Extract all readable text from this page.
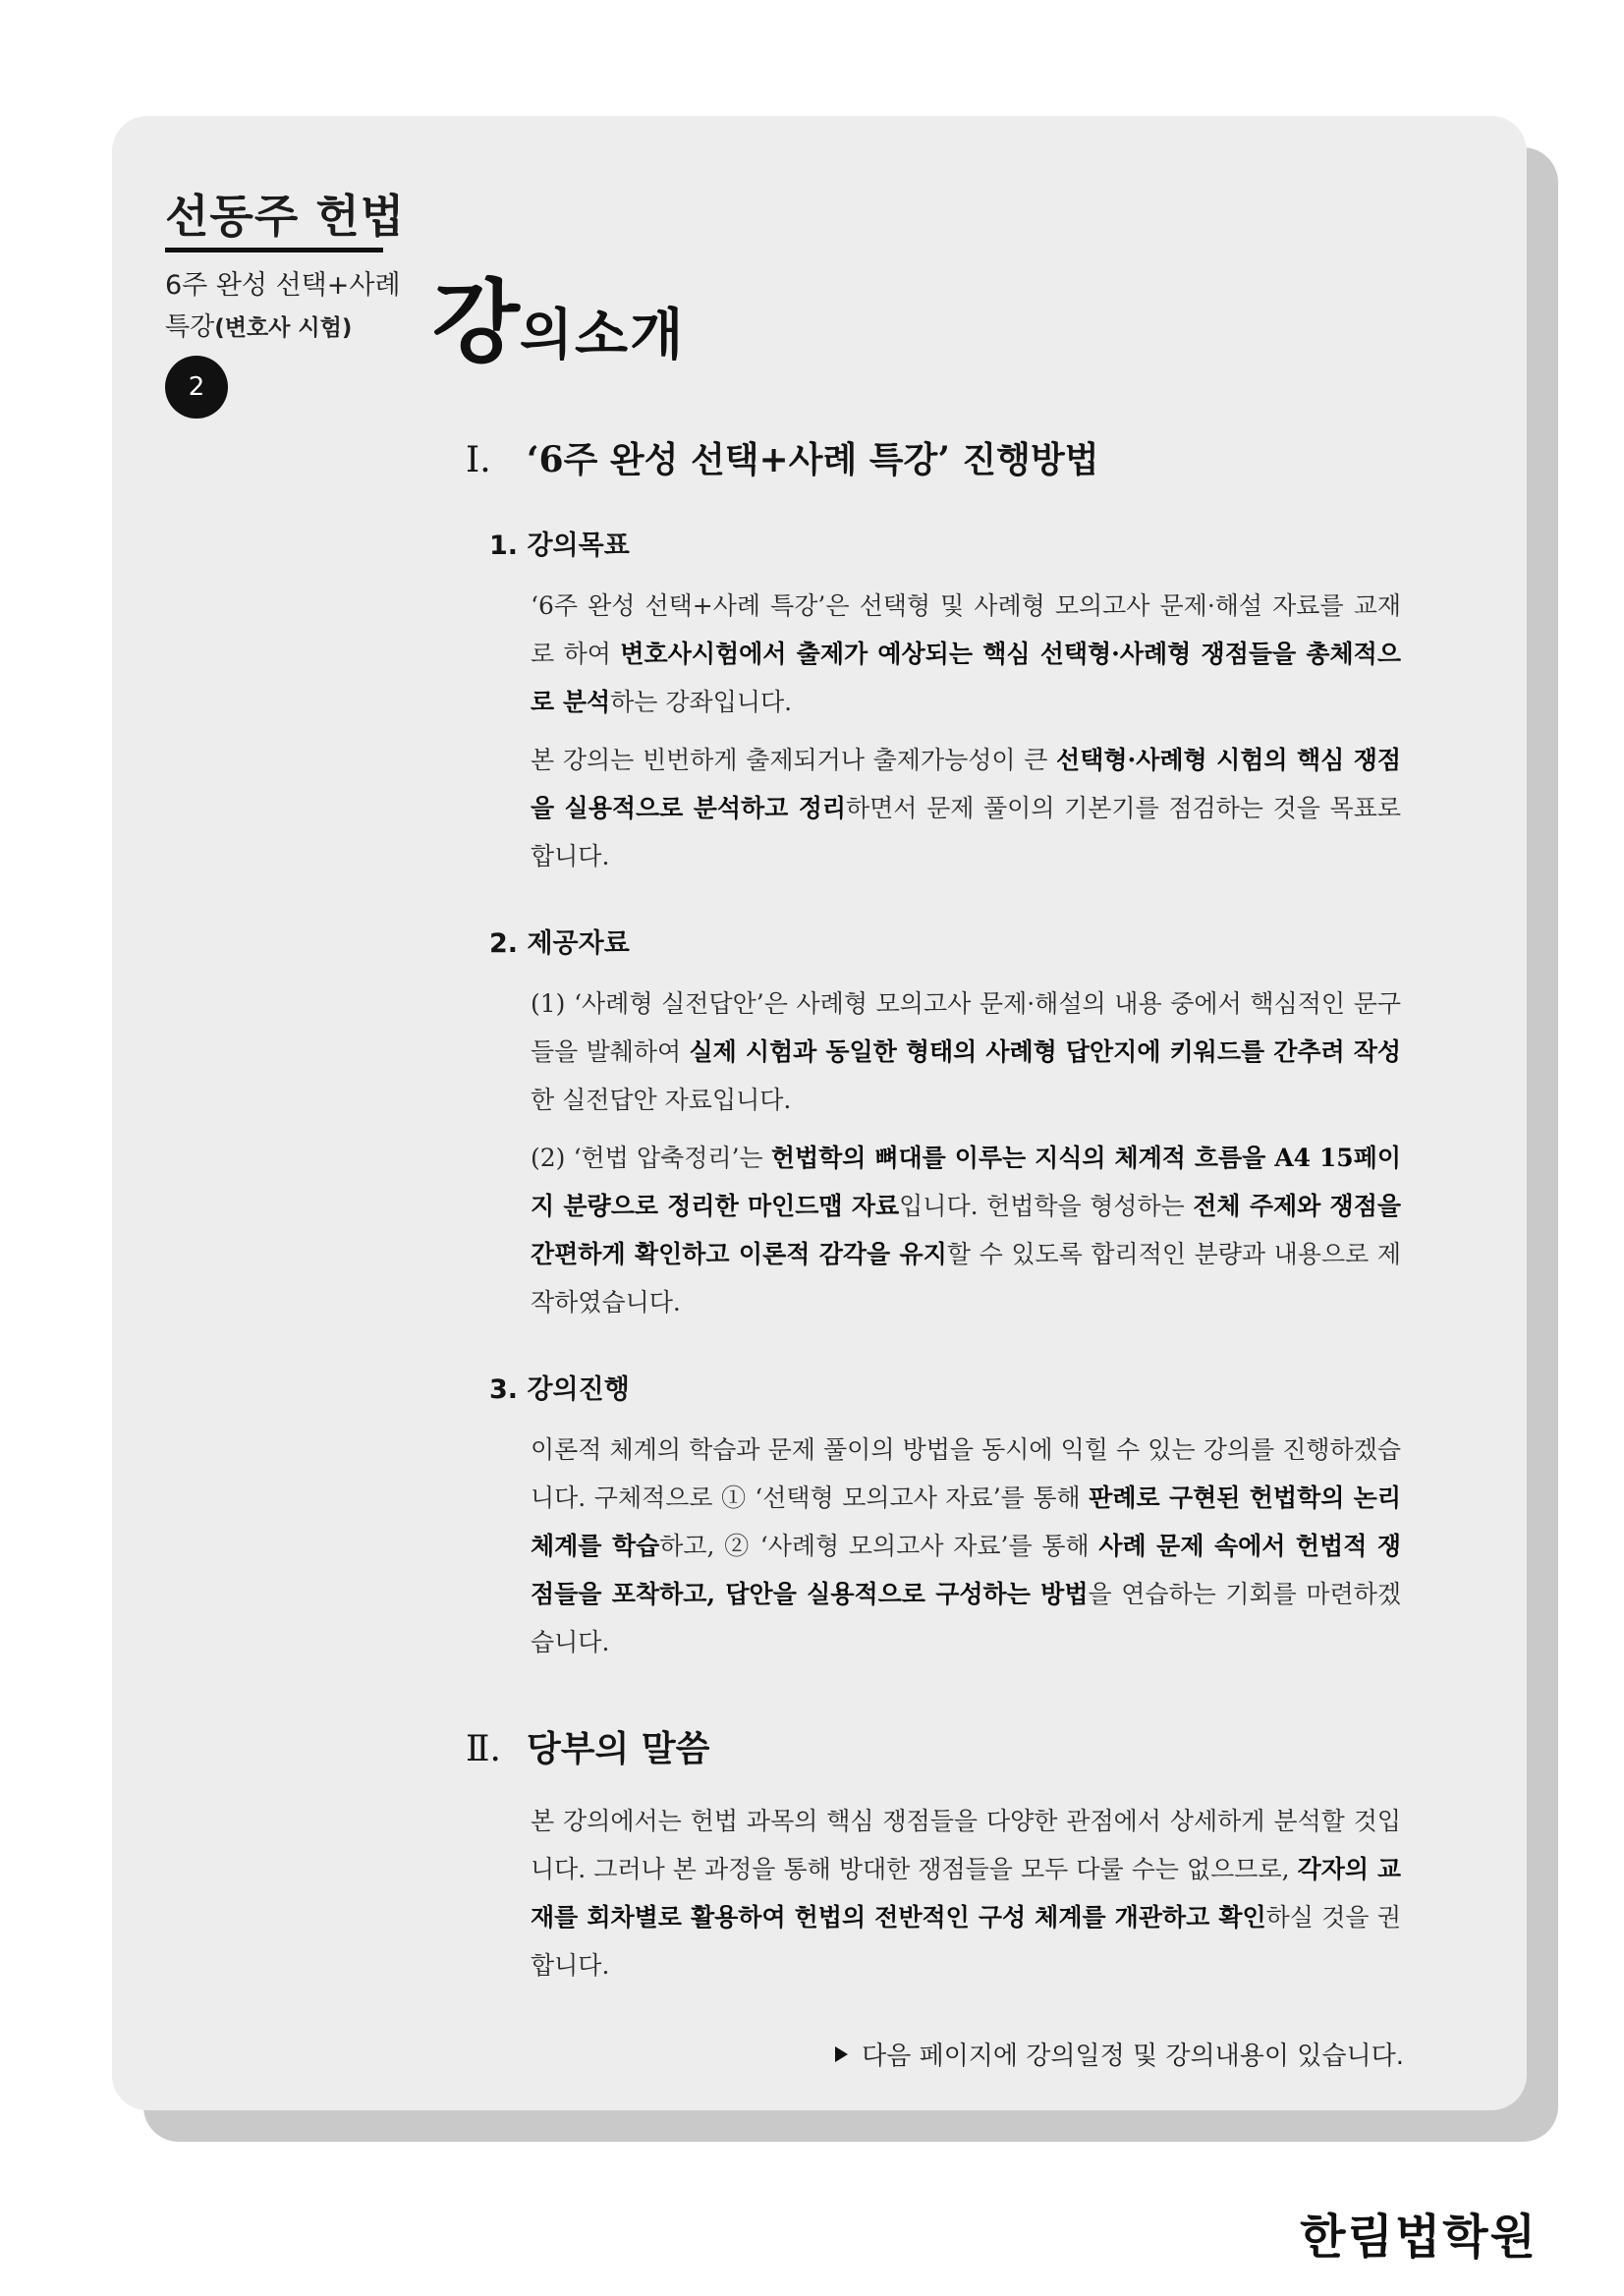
선동주 헌법
6주 완성 선택+사례
특강(변호사 시험)
2
강의소개
Ⅰ.	‘6주 완성 선택+사례 특강’ 진행방법
1. 강의목표

‘6주 완성 선택+사례 특강’은 선택형 및 사례형 모의고사 문제·해설 자료를 교재로 하여 변호사시험에서 출제가 예상되는 핵심 선택형·사례형 쟁점들을 총체적으로 분석하는 강좌입니다.

본 강의는 빈번하게 출제되거나 출제가능성이 큰 선택형·사례형 시험의 핵심 쟁점을 실용적으로 분석하고 정리하면서 문제 풀이의 기본기를 점검하는 것을 목표로 합니다.

2. 제공자료

(1) ‘사례형 실전답안’은 사례형 모의고사 문제·해설의 내용 중에서 핵심적인 문구들을 발췌하여 실제 시험과 동일한 형태의 사례형 답안지에 키워드를 간추려 작성한 실전답안 자료입니다.

(2) ‘헌법 압축정리’는 헌법학의 뼈대를 이루는 지식의 체계적 흐름을 A4 15페이지 분량으로 정리한 마인드맵 자료입니다. 헌법학을 형성하는 전체 주제와 쟁점을 간편하게 확인하고 이론적 감각을 유지할 수 있도록 합리적인 분량과 내용으로 제작하였습니다.

3. 강의진행

이론적 체계의 학습과 문제 풀이의 방법을 동시에 익힐 수 있는 강의를 진행하겠습니다. 구체적으로 ① ‘선택형 모의고사 자료’를 통해 판례로 구현된 헌법학의 논리체계를 학습하고, ② ‘사례형 모의고사 자료’를 통해 사례 문제 속에서 헌법적 쟁점들을 포착하고, 답안을 실용적으로 구성하는 방법을 연습하는 기회를 마련하겠습니다.

Ⅱ. 당부의 말씀

본 강의에서는 헌법 과목의 핵심 쟁점들을 다양한 관점에서 상세하게 분석할 것입니다. 그러나 본 과정을 통해 방대한 쟁점들을 모두 다룰 수는 없으므로, 각자의 교재를 회차별로 활용하여 헌법의 전반적인 구성 체계를 개관하고 확인하실 것을 권합니다.

다음 페이지에 강의일정 및 강의내용이 있습니다.

한림법학원
